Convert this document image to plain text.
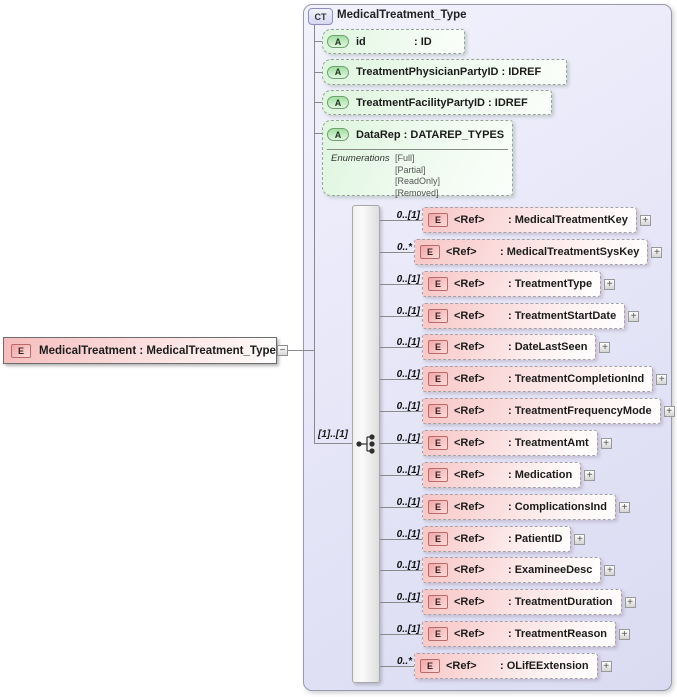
CT MedicalTreatment_Type
E	MedicalTreatment : MedicalTreatment_Type −
A	id	: ID
A	TreatmentPhysicianPartyID : IDREF
A	TreatmentFacilityPartyID : IDREF
A	DataRep : DATAREP_TYPES
Enumerations [Full]
[Partial]
[ReadOnly]
[Removed]
[1]..[1]
0..[1]	E	<Ref>	: MedicalTreatmentKey +
0..*	E	<Ref>	: MedicalTreatmentSysKey +
0..[1]	E	<Ref>	: TreatmentType +
0..[1]	E	<Ref>	: TreatmentStartDate +
0..[1]	E	<Ref>	: DateLastSeen +
0..[1]	E	<Ref>	: TreatmentCompletionInd +
0..[1]	E	<Ref>	: TreatmentFrequencyMode +
0..[1]	E	<Ref>	: TreatmentAmt +
0..[1]	E	<Ref>	: Medication +
0..[1]	E	<Ref>	: ComplicationsInd +
0..[1]	E	<Ref>	: PatientID +
0..[1]	E	<Ref>	: ExamineeDesc +
0..[1]	E	<Ref>	: TreatmentDuration +
0..[1]	E	<Ref>	: TreatmentReason +
0..*	E	<Ref>	: OLifEExtension +
